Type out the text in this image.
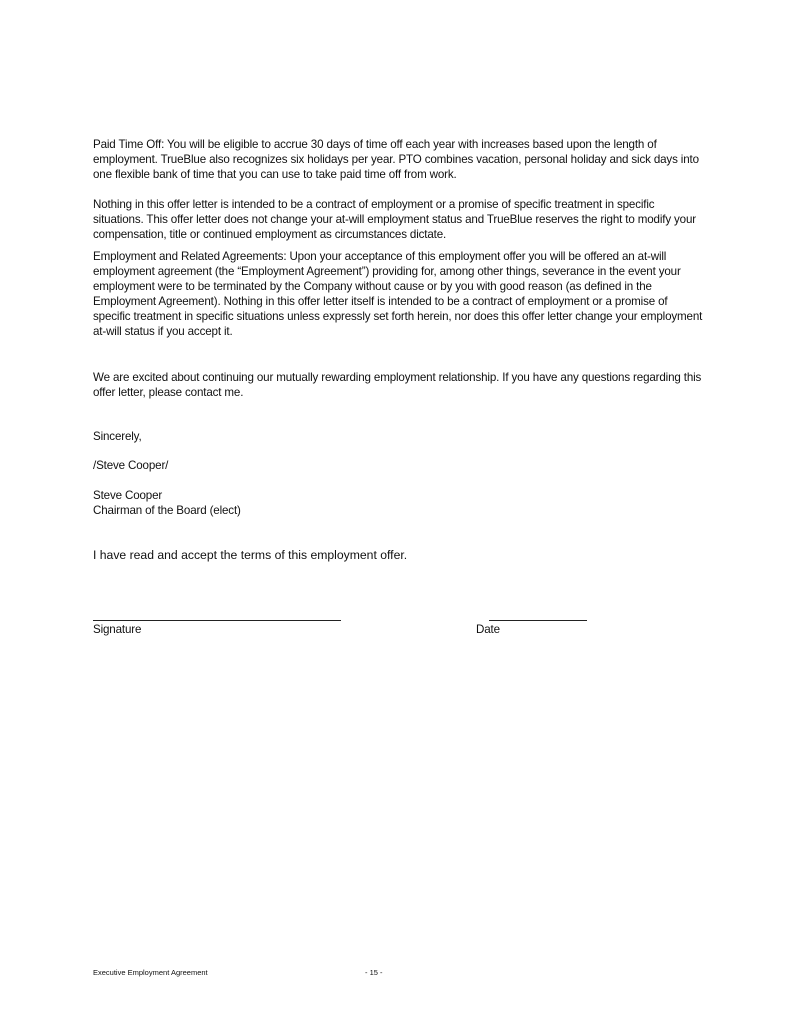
Paid Time Off: You will be eligible to accrue 30 days of time off each year with increases based upon the length of employment. TrueBlue also recognizes six holidays per year. PTO combines vacation, personal holiday and sick days into one flexible bank of time that you can use to take paid time off from work.

Nothing in this offer letter is intended to be a contract of employment or a promise of specific treatment in specific situations. This offer letter does not change your at-will employment status and TrueBlue reserves the right to modify your compensation, title or continued employment as circumstances dictate.

Employment and Related Agreements: Upon your acceptance of this employment offer you will be offered an at-will employment agreement (the “Employment Agreement”) providing for, among other things, severance in the event your employment were to be terminated by the Company without cause or by you with good reason (as defined in the Employment Agreement). Nothing in this offer letter itself is intended to be a contract of employment or a promise of specific treatment in specific situations unless expressly set forth herein, nor does this offer letter change your employment at-will status if you accept it.

We are excited about continuing our mutually rewarding employment relationship. If you have any questions regarding this offer letter, please contact me.

Sincerely,

/Steve Cooper/

Steve Cooper

Chairman of the Board (elect)

I have read and accept the terms of this employment offer.

Signature	Date

Executive Employment Agreement	- 15 -
